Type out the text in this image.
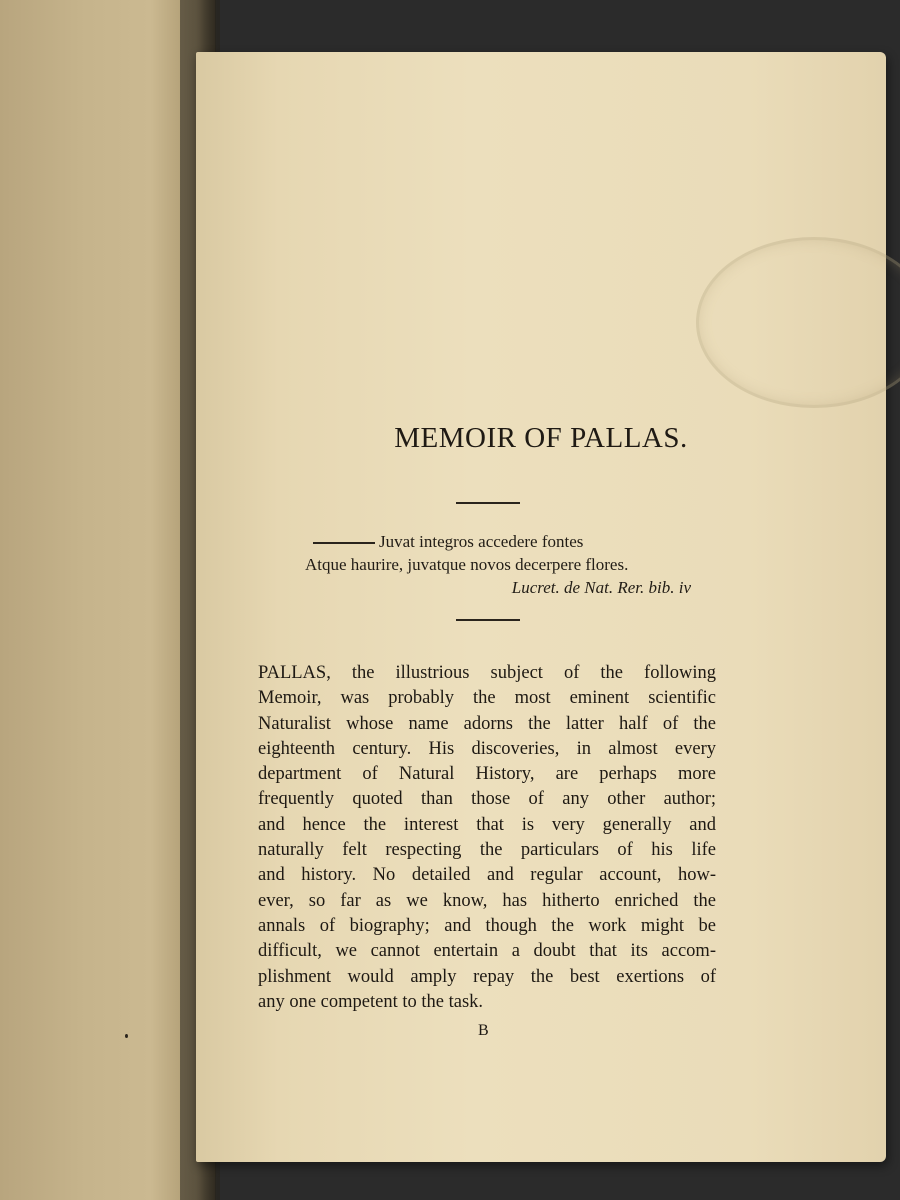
MEMOIR OF PALLAS.
Juvat integros accedere fontes
Atque haurire, juvatque novos decerpere flores.
Lucret. de Nat. Rer. bib. iv
PALLAS, the illustrious subject of the following
Memoir, was probably the most eminent scientific
Naturalist whose name adorns the latter half of the
eighteenth century. His discoveries, in almost every
department of Natural History, are perhaps more
frequently quoted than those of any other author;
and hence the interest that is very generally and
naturally felt respecting the particulars of his life
and history. No detailed and regular account, how-
ever, so far as we know, has hitherto enriched the
annals of biography; and though the work might be
difficult, we cannot entertain a doubt that its accom-
plishment would amply repay the best exertions of
any one competent to the task.
B
